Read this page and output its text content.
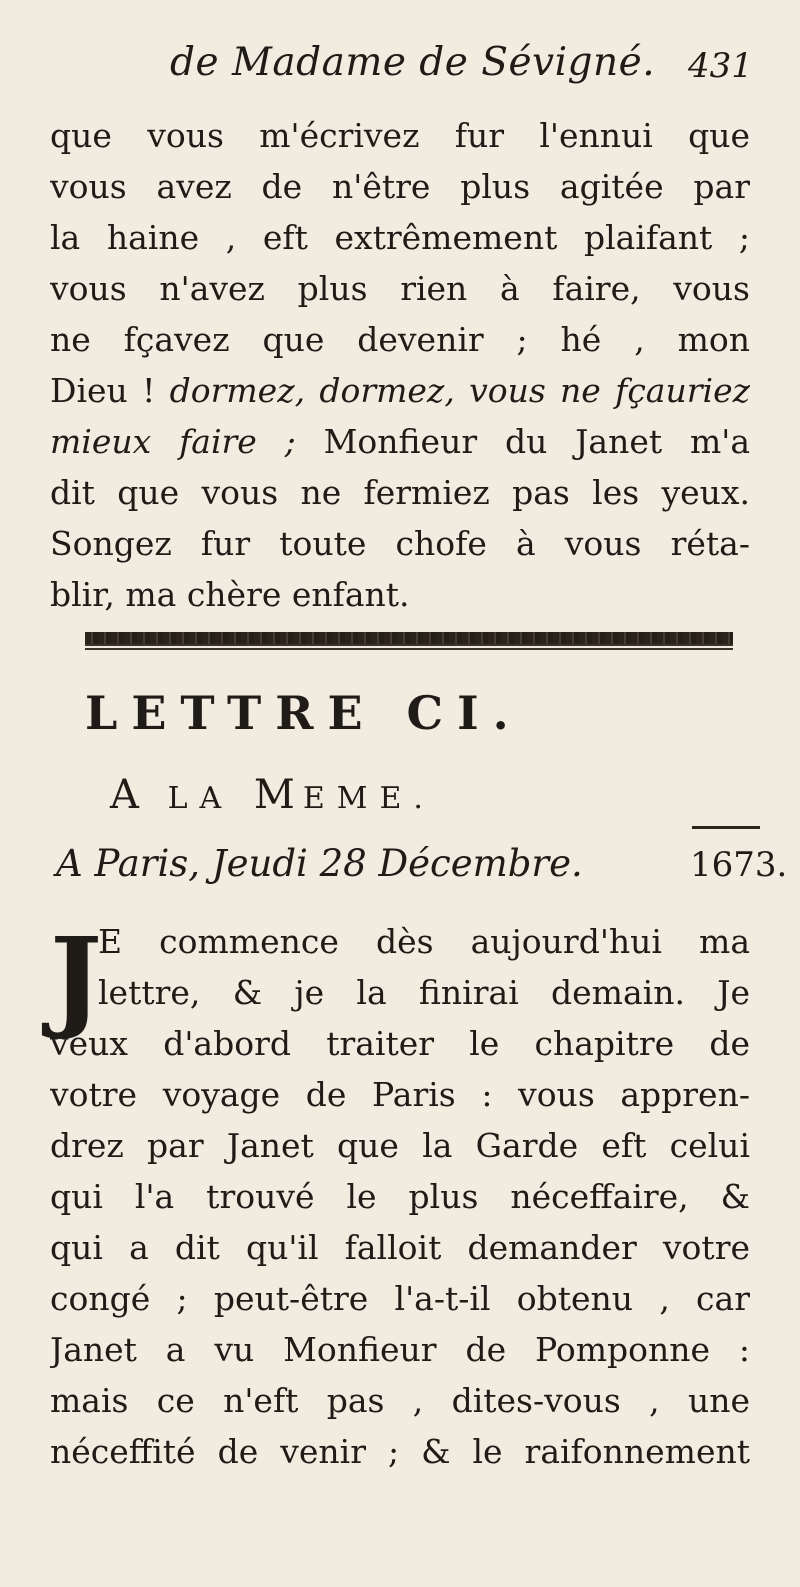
de Madame de Sévigné. 431
que vous m'écrivez fur l'ennui que
vous avez de n'être plus agitée par
la haine , eft extrêmement plaifant ;
vous n'avez plus rien à faire, vous
ne fçavez que devenir ; hé , mon
Dieu ! dormez, dormez, vous ne fçauriez
mieux faire ; Monfieur du Janet m'a
dit que vous ne fermiez pas les yeux.
Songez fur toute chofe à vous réta-
blir, ma chère enfant.
LETTRE CI.
A LA MEME.
A Paris, Jeudi 28 Décembre.	1673.
J
E commence dès aujourd'hui ma
lettre, & je la finirai demain. Je
veux d'abord traiter le chapitre de
votre voyage de Paris : vous appren-
drez par Janet que la Garde eft celui
qui l'a trouvé le plus néceffaire, &
qui a dit qu'il falloit demander votre
congé ; peut-être l'a-t-il obtenu , car
Janet a vu Monfieur de Pomponne :
mais ce n'eft pas , dites-vous , une
néceffité de venir ; & le raifonnement
